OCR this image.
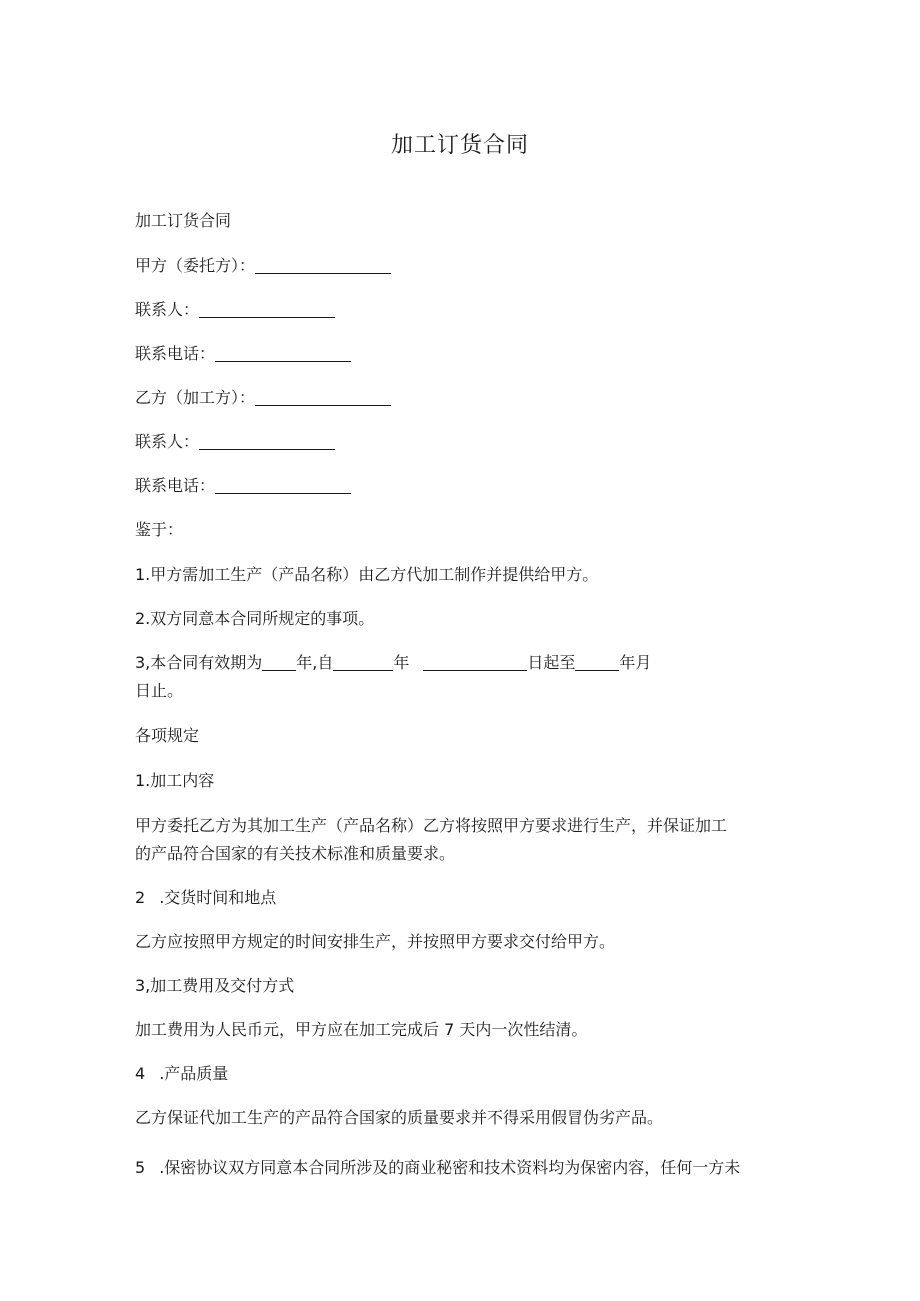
加工订货合同
加工订货合同
甲方（委托方）：
联系人：
联系电话：
乙方（加工方）：
联系人：
联系电话：
鉴于：
1.甲方需加工生产（产品名称）由乙方代加工制作并提供给甲方。
2.双方同意本合同所规定的事项。
3,本合同有效期为 年,自	年	日起至	年月
日止。
各项规定
1.加工内容
甲方委托乙方为其加工生产（产品名称）乙方将按照甲方要求进行生产，并保证加工
的产品符合国家的有关技术标准和质量要求。
2 .交货时间和地点
乙方应按照甲方规定的时间安排生产，并按照甲方要求交付给甲方。
3,加工费用及交付方式
加工费用为人民币元，甲方应在加工完成后 7 天内一次性结清。
4 .产品质量
乙方保证代加工生产的产品符合国家的质量要求并不得采用假冒伪劣产品。
5 .保密协议双方同意本合同所涉及的商业秘密和技术资料均为保密内容，任何一方未
